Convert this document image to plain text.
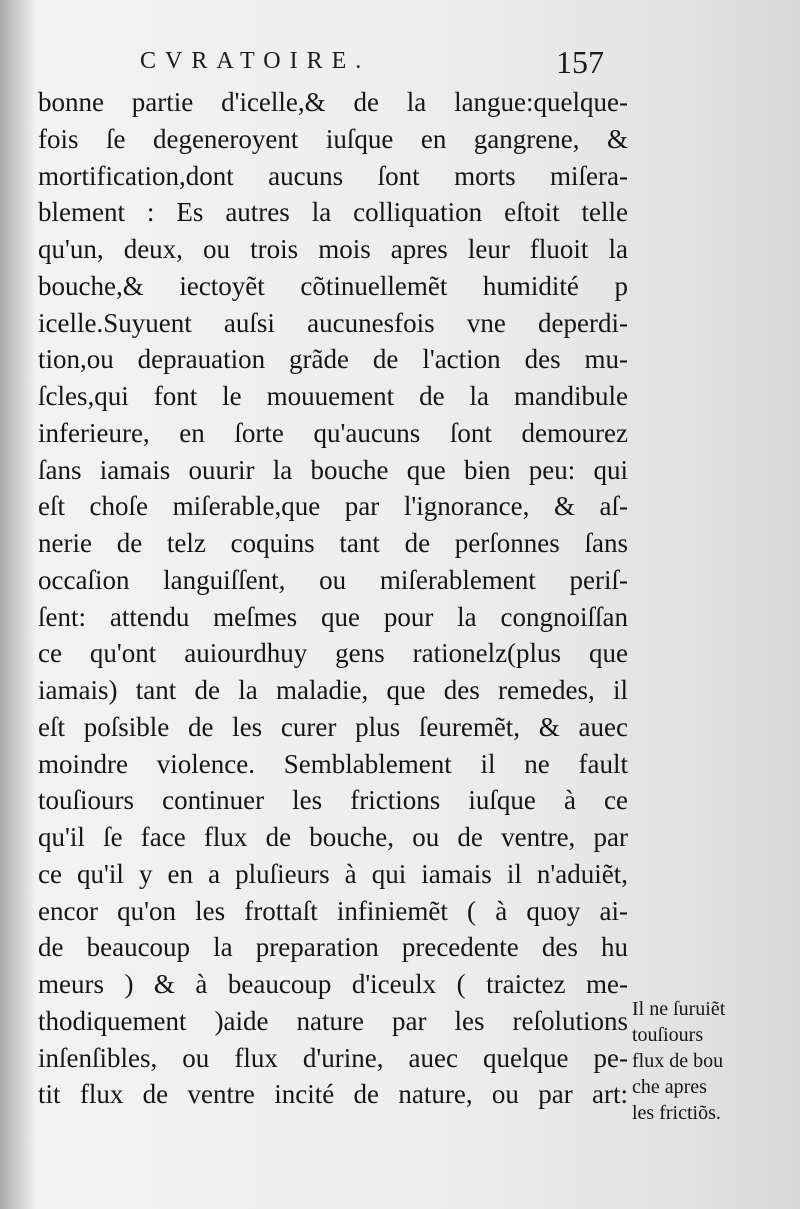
CVRATOIRE.	157
bonne partie d'icelle,& de la langue:quelque-
fois ſe degeneroyent iuſque en gangrene, &
mortification,dont aucuns ſont morts miſera-
blement : Es autres la colliquation eſtoit telle
qu'un, deux, ou trois mois apres leur fluoit la
bouche,& iectoyẽt cõtinuellemẽt humidité p
icelle.Suyuent auſsi aucunesfois vne deperdi-
tion,ou deprauation grãde de l'action des mu-
ſcles,qui font le mouuement de la mandibule
inferieure, en ſorte qu'aucuns ſont demourez
ſans iamais ouurir la bouche que bien peu: qui
eſt choſe miſerable,que par l'ignorance, & aſ-
nerie de telz coquins tant de perſonnes ſans
occaſion languiſſent, ou miſerablement periſ-
ſent: attendu meſmes que pour la congnoiſſan
ce qu'ont auiourdhuy gens rationelz(plus que
iamais) tant de la maladie, que des remedes, il
eſt poſsible de les curer plus ſeuremẽt, & auec
moindre violence. Semblablement il ne fault
touſiours continuer les frictions iuſque à ce
qu'il ſe face flux de bouche, ou de ventre, par
ce qu'il y en a pluſieurs à qui iamais il n'aduiẽt,
encor qu'on les frottaſt infiniemẽt ( à quoy ai-
de beaucoup la preparation precedente des hu
meurs ) & à beaucoup d'iceulx ( traictez me-
thodiquement )aide nature par les reſolutions
inſenſibles, ou flux d'urine, auec quelque pe-
tit flux de ventre incité de nature, ou par art:
Il ne ſuruiẽt
touſiours
flux de bou
che apres
les frictiõs.
